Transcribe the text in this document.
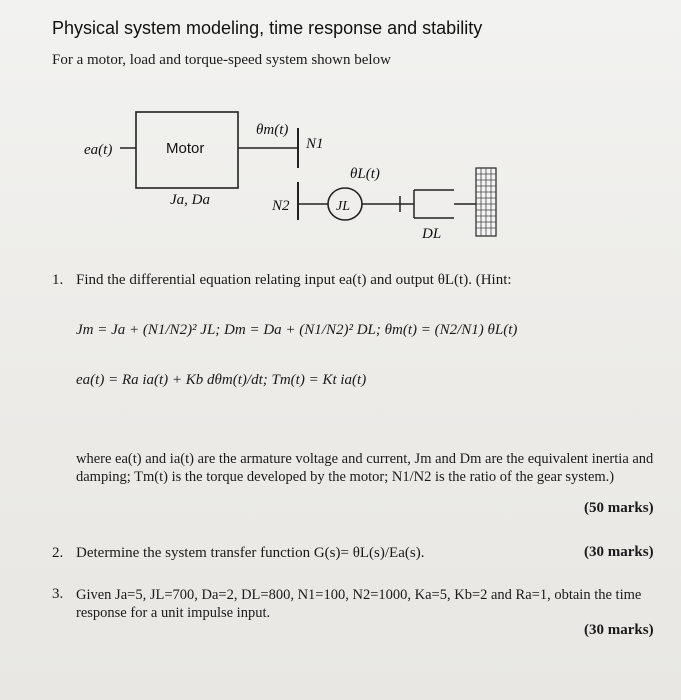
Physical system modeling, time response and stability
For a motor, load and torque-speed system shown below
ea(t)	Motor
θm(t)
N1
θL(t)
JL
N2
Ja, Da
DL
1. Find the differential equation relating input ea(t) and output θL(t). (Hint:
Jm = Ja + (N1/N2)² JL; Dm = Da + (N1/N2)² DL; θm(t) = (N2/N1) θL(t)
ea(t) = Ra ia(t) + Kb dθm(t)/dt; Tm(t) = Kt ia(t)
where ea(t) and ia(t) are the armature voltage and current, Jm and Dm are the equivalent inertia and damping; Tm(t) is the torque developed by the motor; N1/N2 is the ratio of the gear system.)
(50 marks)
2. Determine the system transfer function G(s)= θL(s)/Ea(s).	(30 marks)
3. Given Ja=5, JL=700, Da=2, DL=800, N1=100, N2=1000, Ka=5, Kb=2 and Ra=1, obtain the time response for a unit impulse input.
(30 marks)
